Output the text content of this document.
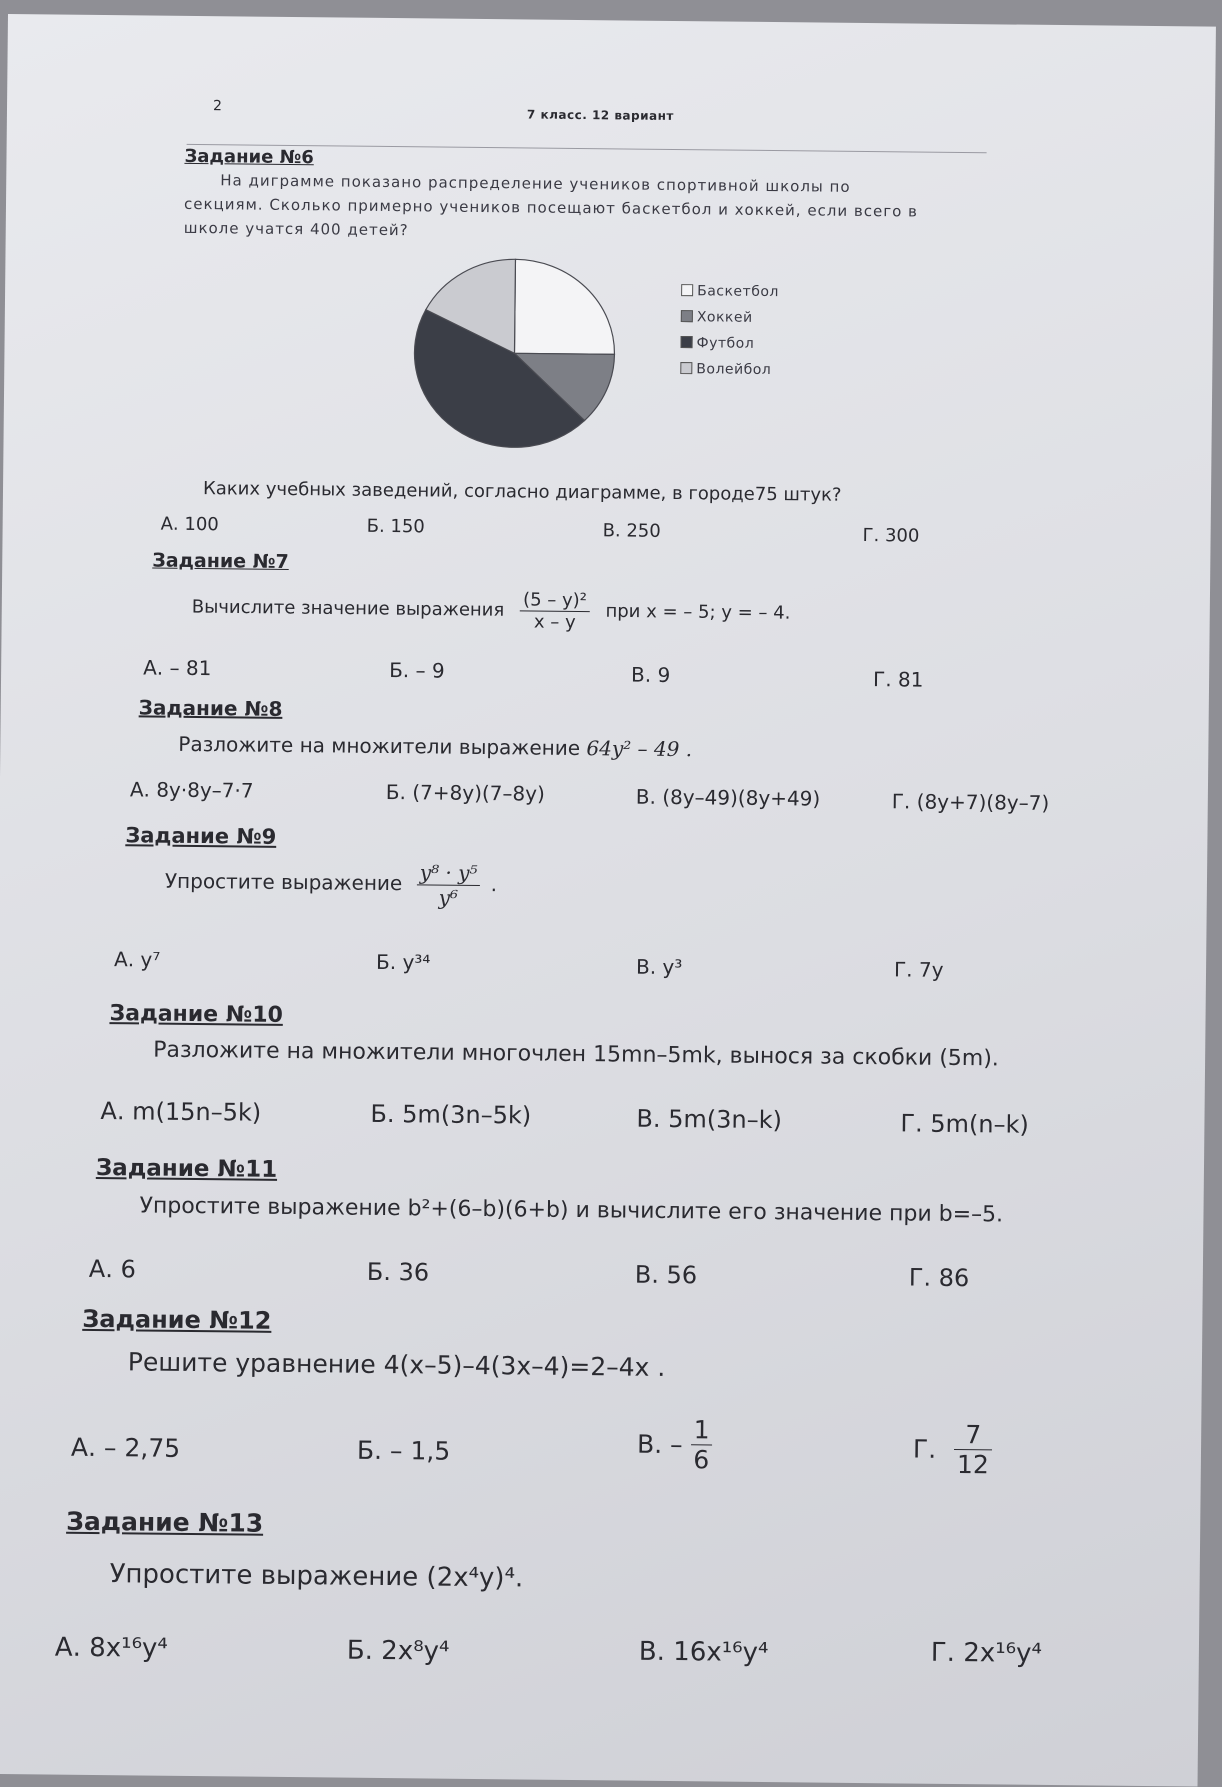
2
7 класс. 12 вариант
Задание №6
На диграмме показано распределение учеников спортивной школы по
секциям. Сколько примерно учеников посещают баскетбол и хоккей, если всего в
школе учатся 400 детей?
Баскетбол
Хоккей
Футбол
Волейбол
Каких учебных заведений, согласно диаграмме, в городе75 штук?
А. 100	Б. 150	В. 250	Г. 300
Задание №7
Вычислите значение выражения $\frac{\text{(5 – y)²}}{x - y}$ при x = – 5; y = – 4.
А. – 81	Б. – 9	В. 9	Г. 81
Задание №8
Разложите на множители выражение 64y² – 49 .
А. 8y·8y–7·7	Б. (7+8y)(7–8y)	В. (8y–49)(8y+49)	Г. (8y+7)(8y–7)
Задание №9
Упростите выражение $\frac{\text{y⁸ · y⁵}}{\text{y⁶}}$ .
А. y⁷	Б. y³⁴	В. y³	Г. 7y
Задание №10
Разложите на множители многочлен 15mn–5mk, вынося за скобки (5m).
А. m(15n–5k)	Б. 5m(3n–5k)	В. 5m(3n–k)	Г. 5m(n–k)
Задание №11
Упростите выражение b²+(6–b)(6+b) и вычислите его значение при b=–5.
А. 6	Б. 36	В. 56	Г. 86
Задание №12
Решите уравнение 4(x–5)–4(3x–4)=2–4x .
А. – 2,75	Б. – 1,5	В. – $\frac{1}{6}$	Г. $\frac{7}{12}$
Задание №13
Упростите выражение (2x⁴y)⁴.
А. 8x¹⁶y⁴	Б. 2x⁸y⁴	В. 16x¹⁶y⁴	Г. 2x¹⁶y⁴
